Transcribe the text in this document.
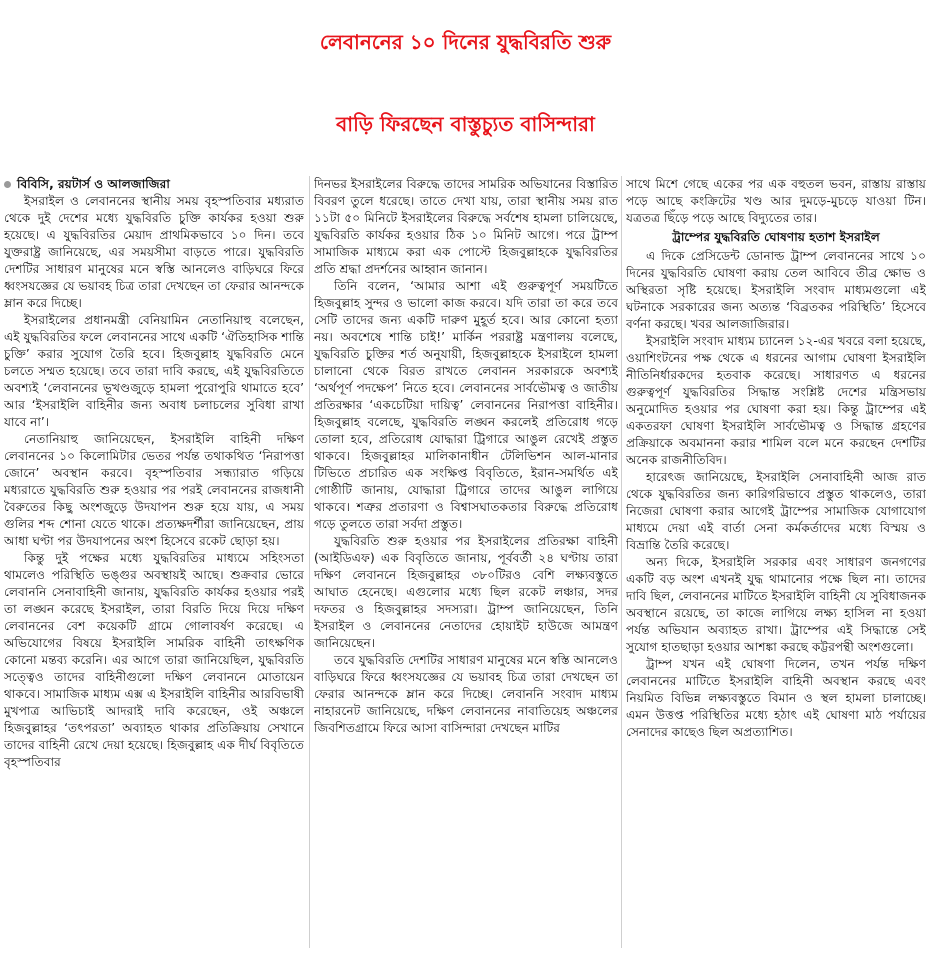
লেবাননের ১০ দিনের যুদ্ধবিরতি শুরু
বাড়ি ফিরছেন বাস্তুচ্যুত বাসিন্দারা

বিবিসি, রয়টার্স ও আলজাজিরা

ইসরাইল ও লেবাননের স্থানীয় সময় বৃহস্পতিবার মধ্যরাত থেকে দুই দেশের মধ্যে যুদ্ধবিরতি চুক্তি কার্যকর হওয়া শুরু হয়েছে। এ যুদ্ধবিরতির মেয়াদ প্রাথমিকভাবে ১০ দিন। তবে যুক্তরাষ্ট্র জানিয়েছে, এর সময়সীমা বাড়তে পারে। যুদ্ধবিরতি দেশটির সাধারণ মানুষের মনে স্বস্তি আনলেও বাড়িঘরে ফিরে ধ্বংসযজ্ঞের যে ভয়াবহ চিত্র তারা দেখছেন তা ফেরার আনন্দকে ম্লান করে দিচ্ছে।

ইসরাইলের প্রধানমন্ত্রী বেনিয়ামিন নেতানিয়াহু বলেছেন, এই যুদ্ধবিরতির ফলে লেবাননের সাথে একটি ‘ঐতিহাসিক শান্তি চুক্তি’ করার সুযোগ তৈরি হবে। হিজবুল্লাহ যুদ্ধবিরতি মেনে চলতে সম্মত হয়েছে। তবে তারা দাবি করছে, এই যুদ্ধবিরতিতে অবশ্যই ‘লেবাননের ভূখণ্ডজুড়ে হামলা পুরোপুরি থামাতে হবে’ আর ‘ইসরাইলি বাহিনীর জন্য অবাধ চলাচলের সুবিধা রাখা যাবে না’।

নেতানিয়াহু জানিয়েছেন, ইসরাইলি বাহিনী দক্ষিণ লেবাননের ১০ কিলোমিটার ভেতর পর্যন্ত তথাকথিত ‘নিরাপত্তা জোনে’ অবস্থান করবে। বৃহস্পতিবার সন্ধ্যারাত গড়িয়ে মধ্যরাতে যুদ্ধবিরতি শুরু হওয়ার পর পরই লেবাননের রাজধানী বৈরুতের কিছু অংশজুড়ে উদযাপন শুরু হয়ে যায়, এ সময় গুলির শব্দ শোনা যেতে থাকে। প্রত্যক্ষদর্শীরা জানিয়েছেন, প্রায় আধা ঘণ্টা পর উদযাপনের অংশ হিসেবে রকেট ছোড়া হয়।

কিন্তু দুই পক্ষের মধ্যে যুদ্ধবিরতির মাধ্যমে সহিংসতা থামলেও পরিস্থিতি ভঙ্গুর অবস্থায়ই আছে। শুক্রবার ভোরে লেবাননি সেনাবাহিনী জানায়, যুদ্ধবিরতি কার্যকর হওয়ার পরই তা লঙ্ঘন করেছে ইসরাইল, তারা বিরতি দিয়ে দিয়ে দক্ষিণ লেবাননের বেশ কয়েকটি গ্রামে গোলাবর্ষণ করেছে। এ অভিযোগের বিষয়ে ইসরাইলি সামরিক বাহিনী তাৎক্ষণিক কোনো মন্তব্য করেনি। এর আগে তারা জানিয়েছিল, যুদ্ধবিরতি সত্ত্বেও তাদের বাহিনীগুলো দক্ষিণ লেবাননে মোতায়েন থাকবে। সামাজিক মাধ্যম এক্স এ ইসরাইলি বাহিনীর আরবিভাষী মুখপাত্র আভিচাই আদরাই দাবি করেছেন, ওই অঞ্চলে হিজবুল্লাহর ‘তৎপরতা’ অব্যাহত থাকার প্রতিক্রিয়ায় সেখানে তাদের বাহিনী রেখে দেয়া হয়েছে। হিজবুল্লাহ এক দীর্ঘ বিবৃতিতে বৃহস্পতিবার

দিনভর ইসরাইলের বিরুদ্ধে তাদের সামরিক অভিযানের বিস্তারিত বিবরণ তুলে ধরেছে। তাতে দেখা যায়, তারা স্থানীয় সময় রাত ১১টা ৫০ মিনিটে ইসরাইলের বিরুদ্ধে সর্বশেষ হামলা চালিয়েছে, যুদ্ধবিরতি কার্যকর হওয়ার ঠিক ১০ মিনিট আগে। পরে ট্রাম্প সামাজিক মাধ্যমে করা এক পোস্টে হিজবুল্লাহকে যুদ্ধবিরতির প্রতি শ্রদ্ধা প্রদর্শনের আহ্বান জানান।

তিনি বলেন, ‘আমার আশা এই গুরুত্বপূর্ণ সময়টিতে হিজবুল্লাহ সুন্দর ও ভালো কাজ করবে। যদি তারা তা করে তবে সেটি তাদের জন্য একটি দারুণ মুহূর্ত হবে। আর কোনো হত্যা নয়। অবশেষে শান্তি চাই!’ মার্কিন পররাষ্ট্র মন্ত্রণালয় বলেছে, যুদ্ধবিরতি চুক্তির শর্ত অনুযায়ী, হিজবুল্লাহকে ইসরাইলে হামলা চালানো থেকে বিরত রাখতে লেবানন সরকারকে অবশ্যই ‘অর্থপূর্ণ পদক্ষেপ’ নিতে হবে। লেবাননের সার্বভৌমত্ব ও জাতীয় প্রতিরক্ষার ‘একচেটিয়া দায়িত্ব’ লেবাননের নিরাপত্তা বাহিনীর। হিজবুল্লাহ বলেছে, যুদ্ধবিরতি লঙ্ঘন করলেই প্রতিরোধ গড়ে তোলা হবে, প্রতিরোধ যোদ্ধারা ট্রিগারে আঙুল রেখেই প্রস্তুত থাকবে। হিজবুল্লাহর মালিকানাধীন টেলিভিশন আল-মানার টিভিতে প্রচারিত এক সংক্ষিপ্ত বিবৃতিতে, ইরান-সমর্থিত এই গোষ্ঠীটি জানায়, যোদ্ধারা ট্রিগারে তাদের আঙুল লাগিয়ে থাকবে। শত্রুর প্রতারণা ও বিশ্বাসঘাতকতার বিরুদ্ধে প্রতিরোধ গড়ে তুলতে তারা সর্বদা প্রস্তুত।

যুদ্ধবিরতি শুরু হওয়ার পর ইসরাইলের প্রতিরক্ষা বাহিনী (আইডিএফ) এক বিবৃতিতে জানায়, পূর্ববর্তী ২৪ ঘণ্টায় তারা দক্ষিণ লেবাননে হিজবুল্লাহর ৩৮০টিরও বেশি লক্ষ্যবস্তুতে আঘাত হেনেছে। এগুলোর মধ্যে ছিল রকেট লঞ্চার, সদর দফতর ও হিজবুল্লাহর সদস্যরা। ট্রাম্প জানিয়েছেন, তিনি ইসরাইল ও লেবাননের নেতাদের হোয়াইট হাউজে আমন্ত্রণ জানিয়েছেন।

তবে যুদ্ধবিরতি দেশটির সাধারণ মানুষের মনে স্বস্তি আনলেও বাড়িঘরে ফিরে ধ্বংসযজ্ঞের যে ভয়াবহ চিত্র তারা দেখছেন তা ফেরার আনন্দকে ম্লান করে দিচ্ছে। লেবাননি সংবাদ মাধ্যম নাহারনেট জানিয়েছে, দক্ষিণ লেবাননের নাবাতিয়েহ অঞ্চলের জিবশিতগ্রামে ফিরে আসা বাসিন্দারা দেখছেন মাটির

সাথে মিশে গেছে একের পর এক বহুতল ভবন, রাস্তায় রাস্তায় পড়ে আছে কংক্রিটের খণ্ড আর দুমড়ে-মুচড়ে যাওয়া টিন। যত্রতত্র ছিঁড়ে পড়ে আছে বিদ্যুতের তার।

ট্রাম্পের যুদ্ধবিরতি ঘোষণায় হতাশ ইসরাইল

এ দিকে প্রেসিডেন্ট ডোনাল্ড ট্রাম্প লেবাননের সাথে ১০ দিনের যুদ্ধবিরতি ঘোষণা করায় তেল আবিবে তীব্র ক্ষোভ ও অস্থিরতা সৃষ্টি হয়েছে। ইসরাইলি সংবাদ মাধ্যমগুলো এই ঘটনাকে সরকারের জন্য অত্যন্ত ‘বিব্রতকর পরিস্থিতি’ হিসেবে বর্ণনা করছে। খবর আলজাজিরার।

ইসরাইলি সংবাদ মাধ্যম চ্যানেল ১২-এর খবরে বলা হয়েছে, ওয়াশিংটনের পক্ষ থেকে এ ধরনের আগাম ঘোষণা ইসরাইলি নীতিনির্ধারকদের হতবাক করেছে। সাধারণত এ ধরনের গুরুত্বপূর্ণ যুদ্ধবিরতির সিদ্ধান্ত সংশ্লিষ্ট দেশের মন্ত্রিসভায় অনুমোদিত হওয়ার পর ঘোষণা করা হয়। কিন্তু ট্রাম্পের এই একতরফা ঘোষণা ইসরাইলি সার্বভৌমত্ব ও সিদ্ধান্ত গ্রহণের প্রক্রিয়াকে অবমাননা করার শামিল বলে মনে করছেন দেশটির অনেক রাজনীতিবিদ।

হারেৎজ জানিয়েছে, ইসরাইলি সেনাবাহিনী আজ রাত থেকে যুদ্ধবিরতির জন্য কারিগরিভাবে প্রস্তুত থাকলেও, তারা নিজেরা ঘোষণা করার আগেই ট্রাম্পের সামাজিক যোগাযোগ মাধ্যমে দেয়া এই বার্তা সেনা কর্মকর্তাদের মধ্যে বিস্ময় ও বিভ্রান্তি তৈরি করেছে।

অন্য দিকে, ইসরাইলি সরকার এবং সাধারণ জনগণের একটি বড় অংশ এখনই যুদ্ধ থামানোর পক্ষে ছিল না। তাদের দাবি ছিল, লেবাননের মাটিতে ইসরাইলি বাহিনী যে সুবিধাজনক অবস্থানে রয়েছে, তা কাজে লাগিয়ে লক্ষ্য হাসিল না হওয়া পর্যন্ত অভিযান অব্যাহত রাখা। ট্রাম্পের এই সিদ্ধান্তে সেই সুযোগ হাতছাড়া হওয়ার আশঙ্কা করছে কট্টরপন্থী অংশগুলো।

ট্রাম্প যখন এই ঘোষণা দিলেন, তখন পর্যন্ত দক্ষিণ লেবাননের মাটিতে ইসরাইলি বাহিনী অবস্থান করছে এবং নিয়মিত বিভিন্ন লক্ষ্যবস্তুতে বিমান ও স্থল হামলা চালাচ্ছে। এমন উত্তপ্ত পরিস্থিতির মধ্যে হঠাৎ এই ঘোষণা মাঠ পর্যায়ের সেনাদের কাছেও ছিল অপ্রত্যাশিত।
